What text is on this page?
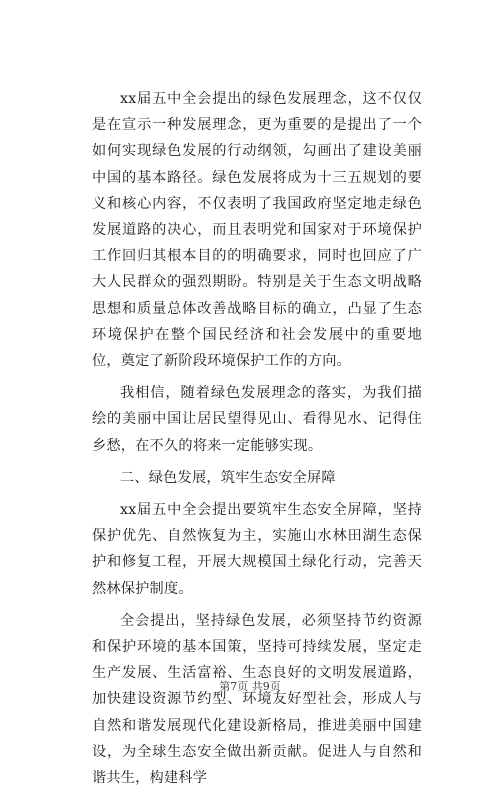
xx届五中全会提出的绿色发展理念，这不仅仅是在宣示一种发展理念，更为重要的是提出了一个如何实现绿色发展的行动纲领，勾画出了建设美丽中国的基本路径。绿色发展将成为十三五规划的要义和核心内容，不仅表明了我国政府坚定地走绿色发展道路的决心，而且表明党和国家对于环境保护工作回归其根本目的的明确要求，同时也回应了广大人民群众的强烈期盼。特别是关于生态文明战略思想和质量总体改善战略目标的确立，凸显了生态环境保护在整个国民经济和社会发展中的重要地位，奠定了新阶段环境保护工作的方向。

我相信，随着绿色发展理念的落实，为我们描绘的美丽中国让居民望得见山、看得见水、记得住乡愁，在不久的将来一定能够实现。

二、绿色发展，筑牢生态安全屏障

xx届五中全会提出要筑牢生态安全屏障，坚持保护优先、自然恢复为主，实施山水林田湖生态保护和修复工程，开展大规模国土绿化行动，完善天然林保护制度。

全会提出，坚持绿色发展，必须坚持节约资源和保护环境的基本国策，坚持可持续发展，坚定走生产发展、生活富裕、生态良好的文明发展道路，加快建设资源节约型、环境友好型社会，形成人与自然和谐发展现代化建设新格局，推进美丽中国建设，为全球生态安全做出新贡献。促进人与自然和谐共生，构建科学

第7页 共9页
